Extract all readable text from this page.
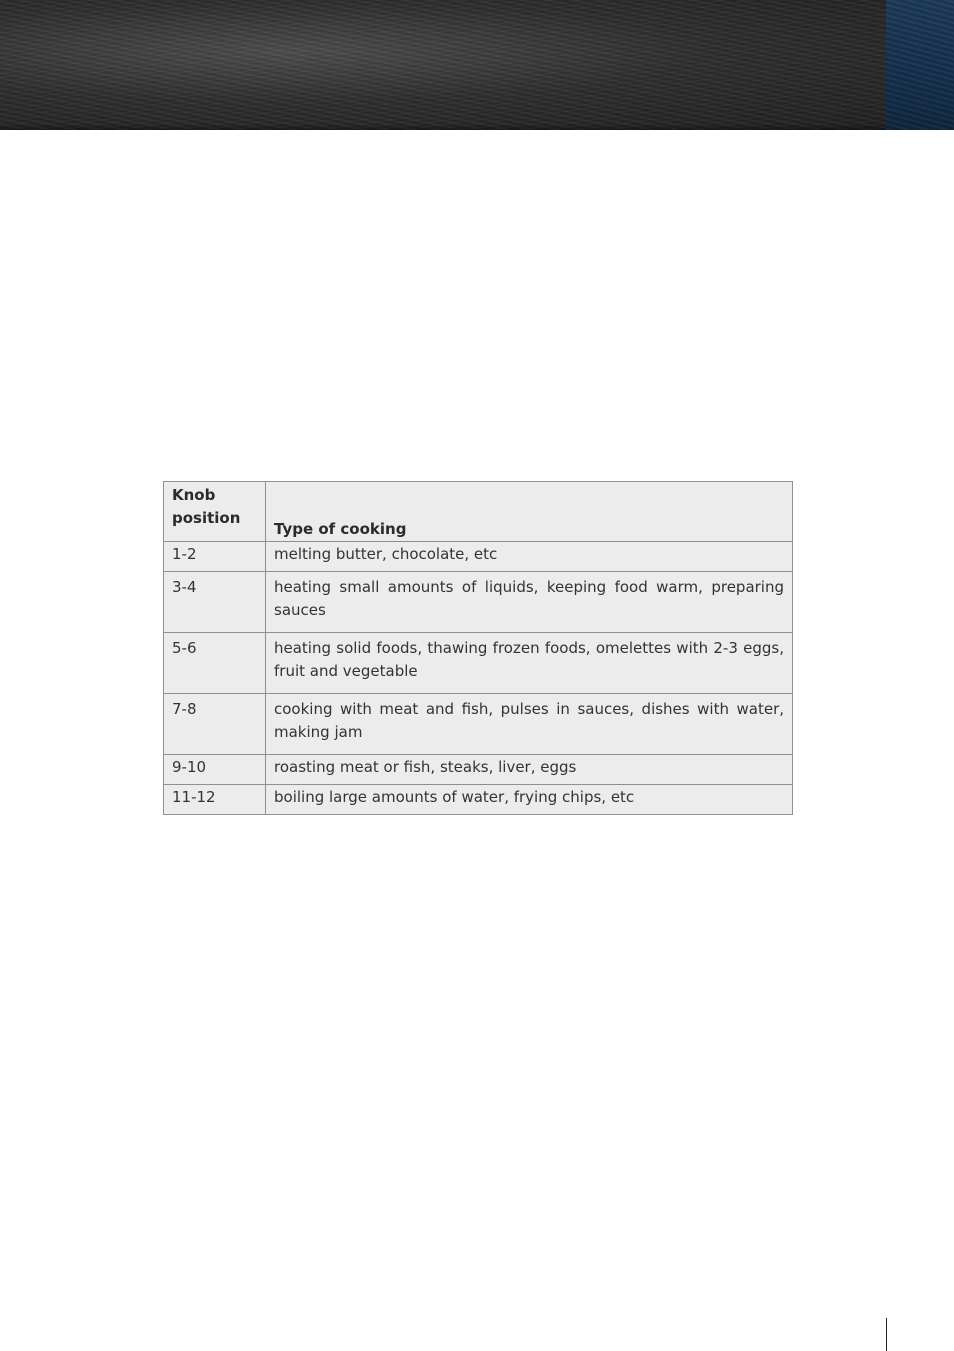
Knob position	Type of cooking
1-2	melting butter, chocolate, etc
3-4	heating small amounts of liquids, keeping food warm, preparing sauces
5-6	heating solid foods, thawing frozen foods, omelettes with 2-3 eggs, fruit and vegetable
7-8	cooking with meat and fish, pulses in sauces, dishes with water, making jam
9-10	roasting meat or fish, steaks, liver, eggs
11-12	boiling large amounts of water, frying chips, etc
